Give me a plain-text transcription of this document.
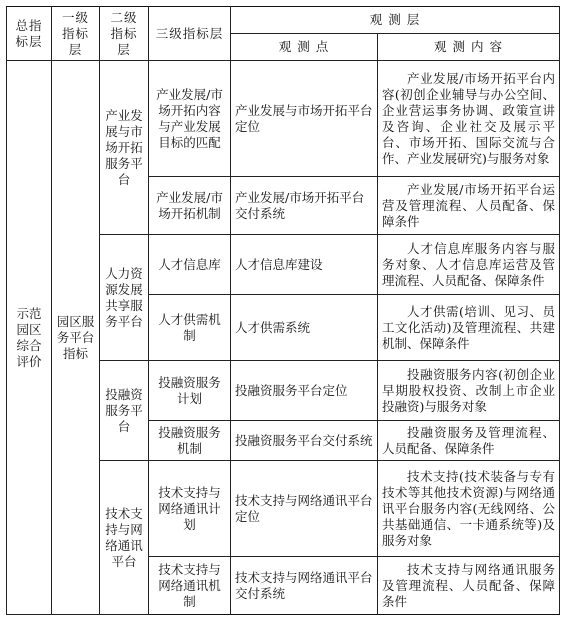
总指标层	一级指标层	二级指标层	三级指标层	观 测 层	
				观 测 点	观 测 内 容
示范园区综合评价	园区服务平台指标	产业发展与市场开拓服务平台	产业发展/市场开拓内容与产业发展目标的匹配	产业发展与市场开拓平台定位	产业发展/市场开拓平台内容(初创企业辅导与办公空间、企业营运事务协调、政策宣讲及咨询、企业社交及展示平台、市场开拓、国际交流与合作、产业发展研究)与服务对象
			产业发展/市场开拓机制	产业发展/市场开拓平台交付系统	产业发展/市场开拓平台运营及管理流程、人员配备、保障条件
		人力资源发展共享服务平台	人才信息库	人才信息库建设	人才信息库服务内容与服务对象、人才信息库运营及管理流程、人员配备、保障条件
			人才供需机制	人才供需系统	人才供需(培训、见习、员工文化活动)及管理流程、共建机制、保障条件
		投融资服务平台	投融资服务计划	投融资服务平台定位	投融资服务内容(初创企业早期股权投资、改制上市企业投融资)与服务对象
			投融资服务机制	投融资服务平台交付系统	投融资服务及管理流程、人员配备、保障条件
		技术支持与网络通讯平台	技术支持与网络通讯计划	技术支持与网络通讯平台定位	技术支持(技术装备与专有技术等其他技术资源)与网络通讯平台服务内容(无线网络、公共基础通信、一卡通系统等)及服务对象
			技术支持与网络通讯机制	技术支持与网络通讯平台交付系统	技术支持与网络通讯服务及管理流程、人员配备、保障条件
